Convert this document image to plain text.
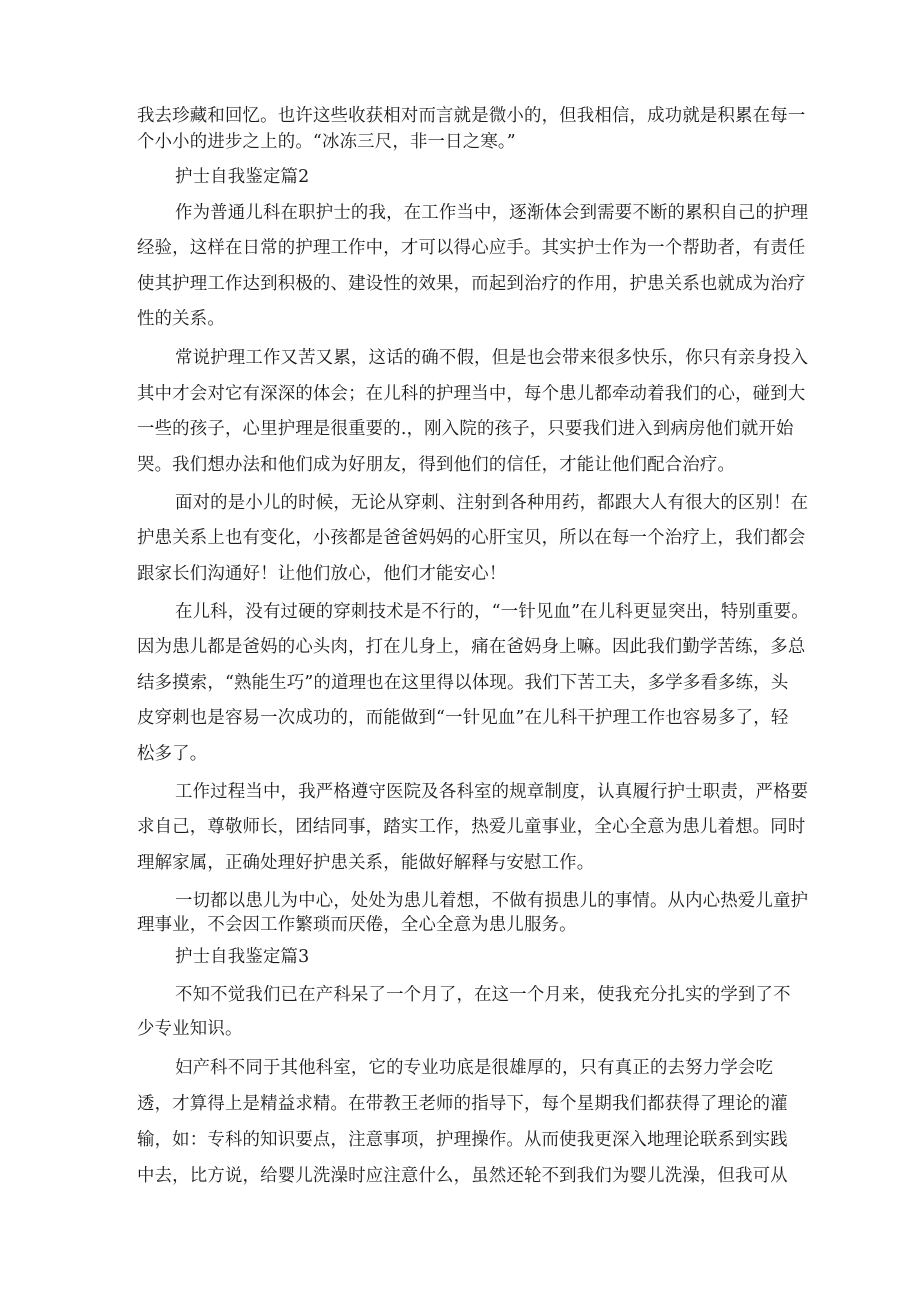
我去珍藏和回忆。也许这些收获相对而言就是微小的，但我相信，成功就是积累在每一
个小小的进步之上的。“冰冻三尺，非一日之寒。”
护士自我鉴定篇2
作为普通儿科在职护士的我，在工作当中，逐渐体会到需要不断的累积自己的护理
经验，这样在日常的护理工作中，才可以得心应手。其实护士作为一个帮助者，有责任
使其护理工作达到积极的、建设性的效果，而起到治疗的作用，护患关系也就成为治疗
性的关系。
常说护理工作又苦又累，这话的确不假，但是也会带来很多快乐，你只有亲身投入
其中才会对它有深深的体会；在儿科的护理当中，每个患儿都牵动着我们的心，碰到大
一些的孩子，心里护理是很重要的.，刚入院的孩子，只要我们进入到病房他们就开始
哭。我们想办法和他们成为好朋友，得到他们的信任，才能让他们配合治疗。
面对的是小儿的时候，无论从穿刺、注射到各种用药，都跟大人有很大的区别！在
护患关系上也有变化，小孩都是爸爸妈妈的心肝宝贝，所以在每一个治疗上，我们都会
跟家长们沟通好！让他们放心，他们才能安心！
在儿科，没有过硬的穿刺技术是不行的，“一针见血”在儿科更显突出，特别重要。
因为患儿都是爸妈的心头肉，打在儿身上，痛在爸妈身上嘛。因此我们勤学苦练，多总
结多摸索，“熟能生巧”的道理也在这里得以体现。我们下苦工夫，多学多看多练，头
皮穿刺也是容易一次成功的，而能做到“一针见血”在儿科干护理工作也容易多了，轻
松多了。
工作过程当中，我严格遵守医院及各科室的规章制度，认真履行护士职责，严格要
求自己，尊敬师长，团结同事，踏实工作，热爱儿童事业，全心全意为患儿着想。同时
理解家属，正确处理好护患关系，能做好解释与安慰工作。
一切都以患儿为中心，处处为患儿着想，不做有损患儿的事情。从内心热爱儿童护
理事业，不会因工作繁琐而厌倦，全心全意为患儿服务。
护士自我鉴定篇3
不知不觉我们已在产科呆了一个月了，在这一个月来，使我充分扎实的学到了不
少专业知识。
妇产科不同于其他科室，它的专业功底是很雄厚的，只有真正的去努力学会吃
透，才算得上是精益求精。在带教王老师的指导下，每个星期我们都获得了理论的灌
输，如：专科的知识要点，注意事项，护理操作。从而使我更深入地理论联系到实践
中去，比方说，给婴儿洗澡时应注意什么，虽然还轮不到我们为婴儿洗澡，但我可从
